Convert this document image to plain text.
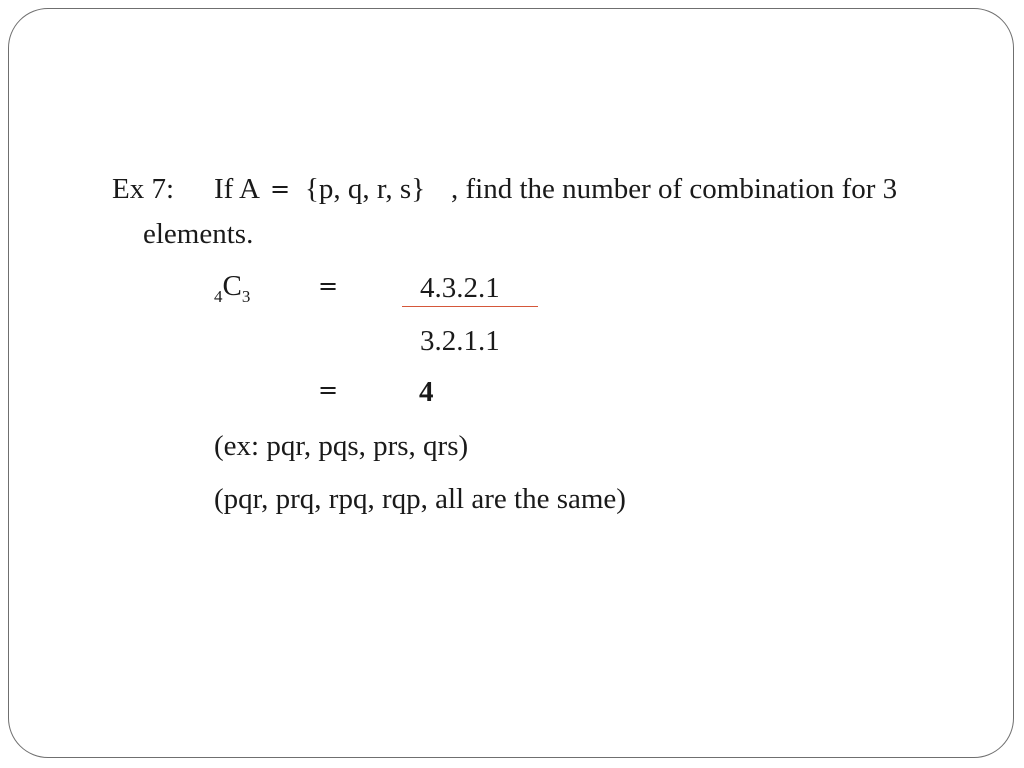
Ex 7: If A = {p, q, r, s} , find the number of combination for 3
elements.
$_4C_3$	=	4.3.2.1
3.2.1.1
=	4
(ex: pqr, pqs, prs, qrs)
(pqr, prq, rpq, rqp, all are the same)
